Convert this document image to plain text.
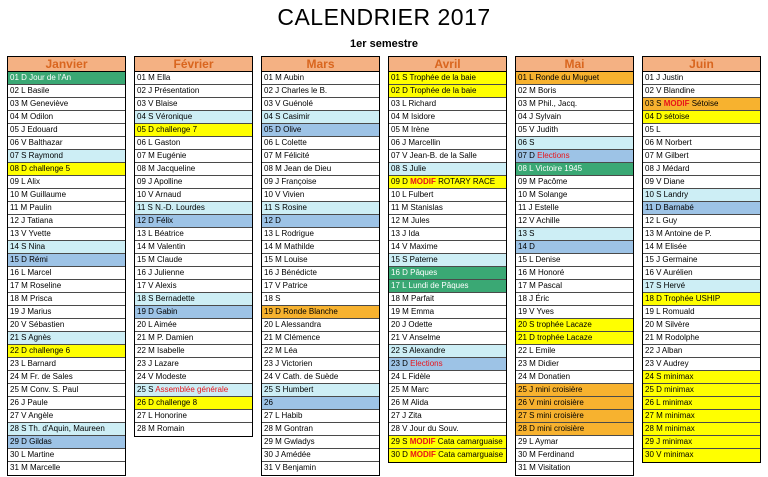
CALENDRIER 2017
1er semestre
Janvier
01 D Jour de l'An
02 L Basile
03 M Geneviève
04 M Odilon
05 J Edouard
06 V Balthazar
07 S Raymond
08 D challenge 5
09 L Alix
10 M Guillaume
11 M Paulin
12 J Tatiana
13 V Yvette
14 S Nina
15 D Rémi
16 L Marcel
17 M Roseline
18 M Prisca
19 J Marius
20 V Sébastien
21 S Agnès
22 D challenge 6
23 L Barnard
24 M Fr. de Sales
25 M Conv. S. Paul
26 J Paule
27 V Angèle
28 S Th. d'Aquin, Maureen
29 D Gildas
30 L Martine
31 M Marcelle
Février
01 M Ella
02 J Présentation
03 V Blaise
04 S Véronique
05 D challenge 7
06 L Gaston
07 M Eugénie
08 M Jacqueline
09 J Apolline
10 V Arnaud
11 S N.-D. Lourdes
12 D Félix
13 L Béatrice
14 M Valentin
15 M Claude
16 J Julienne
17 V Alexis
18 S Bernadette
19 D Gabin
20 L Aimée
21 M P. Damien
22 M Isabelle
23 J Lazare
24 V Modeste
25 S Assemblée générale
26 D challenge 8
27 L Honorine
28 M Romain
Mars
01 M Aubin
02 J Charles le B.
03 V Guénolé
04 S Casimir
05 D Olive
06 L Colette
07 M Félicité
08 M Jean de Dieu
09 J Françoise
10 V Vivien
11 S Rosine
12 D
13 L Rodrigue
14 M Mathilde
15 M Louise
16 J Bénédicte
17 V Patrice
18 S
19 D Ronde Blanche
20 L Alessandra
21 M Clémence
22 M Léa
23 J Victorien
24 V Cath. de Suède
25 S Humbert
26
27 L Habib
28 M Gontran
29 M Gwladys
30 J Amédée
31 V Benjamin
Avril
01 S Trophée de la baie
02 D Trophée de la baie
03 L Richard
04 M Isidore
05 M Irène
06 J Marcellin
07 V Jean-B. de la Salle
08 S Julie
09 D MODIF ROTARY RACE
10 L Fulbert
11 M Stanislas
12 M Jules
13 J Ida
14 V Maxime
15 S Paterne
16 D Pâques
17 L Lundi de Pâques
18 M Parfait
19 M Emma
20 J Odette
21 V Anselme
22 S Alexandre
23 D Elections
24 L Fidèle
25 M Marc
26 M Alida
27 J Zita
28 V Jour du Souv.
29 S MODIF Cata camarguaise
30 D MODIF Cata camarguaise
Mai
01 L Ronde du Muguet
02 M Boris
03 M Phil., Jacq.
04 J Sylvain
05 V Judith
06 S
07 D Elections
08 L Victoire 1945
09 M Pacôme
10 M Solange
11 J Estelle
12 V Achille
13 S
14 D
15 L Denise
16 M Honoré
17 M Pascal
18 J Éric
19 V Yves
20 S trophée Lacaze
21 D trophée Lacaze
22 L Emile
23 M Didier
24 M Donatien
25 J mini croisière
26 V mini croisière
27 S mini croisière
28 D mini croisière
29 L Aymar
30 M Ferdinand
31 M Visitation
Juin
01 J Justin
02 V Blandine
03 S MODIF Sétoise
04 D sétoise
05 L
06 M Norbert
07 M Gilbert
08 J Médard
09 V Diane
10 S Landry
11 D Barnabé
12 L Guy
13 M Antoine de P.
14 M Elisée
15 J Germaine
16 V Aurélien
17 S Hervé
18 D Trophée USHIP
19 L Romuald
20 M Silvère
21 M Rodolphe
22 J Alban
23 V Audrey
24 S minimax
25 D minimax
26 L minimax
27 M minimax
28 M minimax
29 J minimax
30 V minimax
